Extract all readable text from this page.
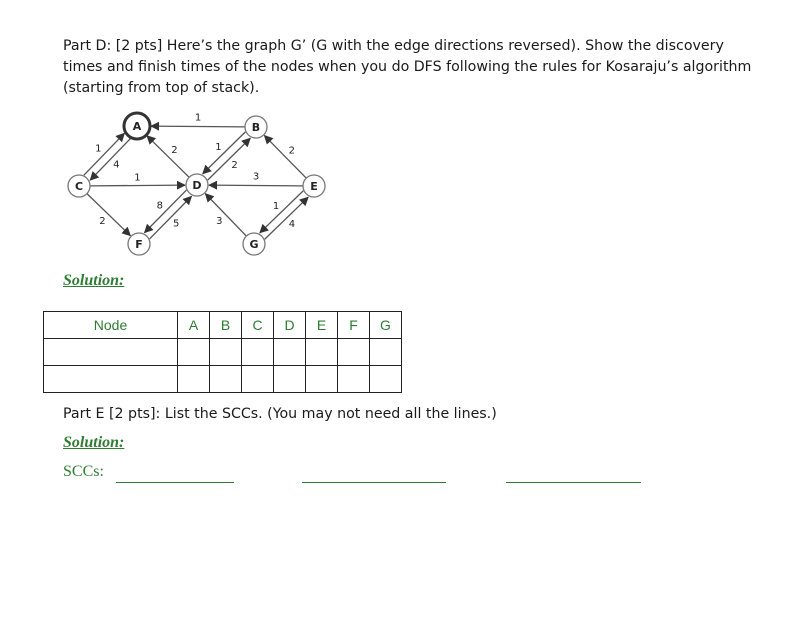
Part D: [2 pts] Here’s the graph G’ (G with the edge directions reversed). Show the discovery times and finish times of the nodes when you do DFS following the rules for Kosaraju’s algorithm (starting from top of stack).

1
4
1	2
1
2
1	2
3
2	5
8
3	4
1
A	B
C	D	E
F	G
Solution:
Node	A	B	C	D	E	F	G

Part E [2 pts]: List the SCCs. (You may not need all the lines.)

Solution:
SCCs:
